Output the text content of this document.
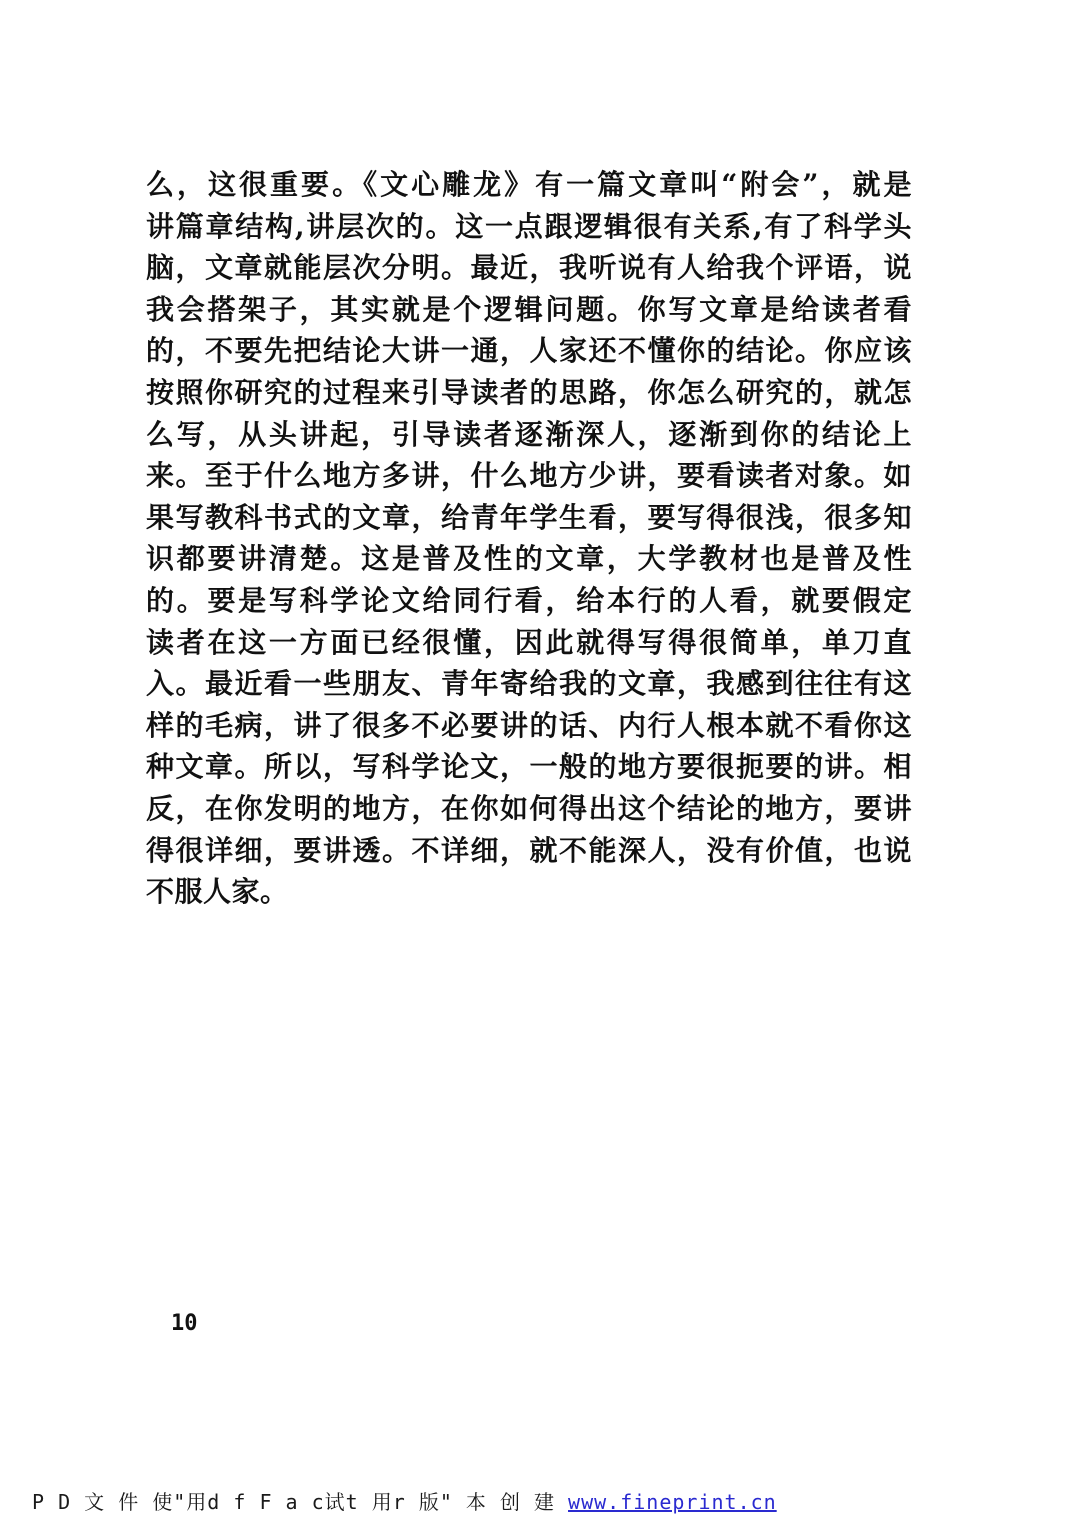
么，这很重要。《文心雕龙》有一篇文章叫“附会”，就是
讲篇章结构,讲层次的。这一点跟逻辑很有关系,有了科学头
脑，文章就能层次分明。最近，我听说有人给我个评语，说
我会搭架子，其实就是个逻辑问题。你写文章是给读者看
的，不要先把结论大讲一通，人家还不懂你的结论。你应该
按照你研究的过程来引导读者的思路，你怎么研究的，就怎
么写，从头讲起，引导读者逐渐深人，逐渐到你的结论上
来。至于什么地方多讲，什么地方少讲，要看读者对象。如
果写教科书式的文章，给青年学生看，要写得很浅，很多知
识都要讲清楚。这是普及性的文章，大学教材也是普及性
的。要是写科学论文给同行看，给本行的人看，就要假定
读者在这一方面已经很懂，因此就得写得很简单，单刀直
入。最近看一些朋友、青年寄给我的文章，我感到往往有这
样的毛病，讲了很多不必要讲的话、内行人根本就不看你这
种文章。所以，写科学论文，一般的地方要很扼要的讲。相
反，在你发明的地方，在你如何得出这个结论的地方，要讲
得很详细，要讲透。不详细，就不能深人，没有价值，也说
不服人家。
10
P D 文 件 使"用d f F a c试t 用r 版" 本 创 建 www.fineprint.cn
